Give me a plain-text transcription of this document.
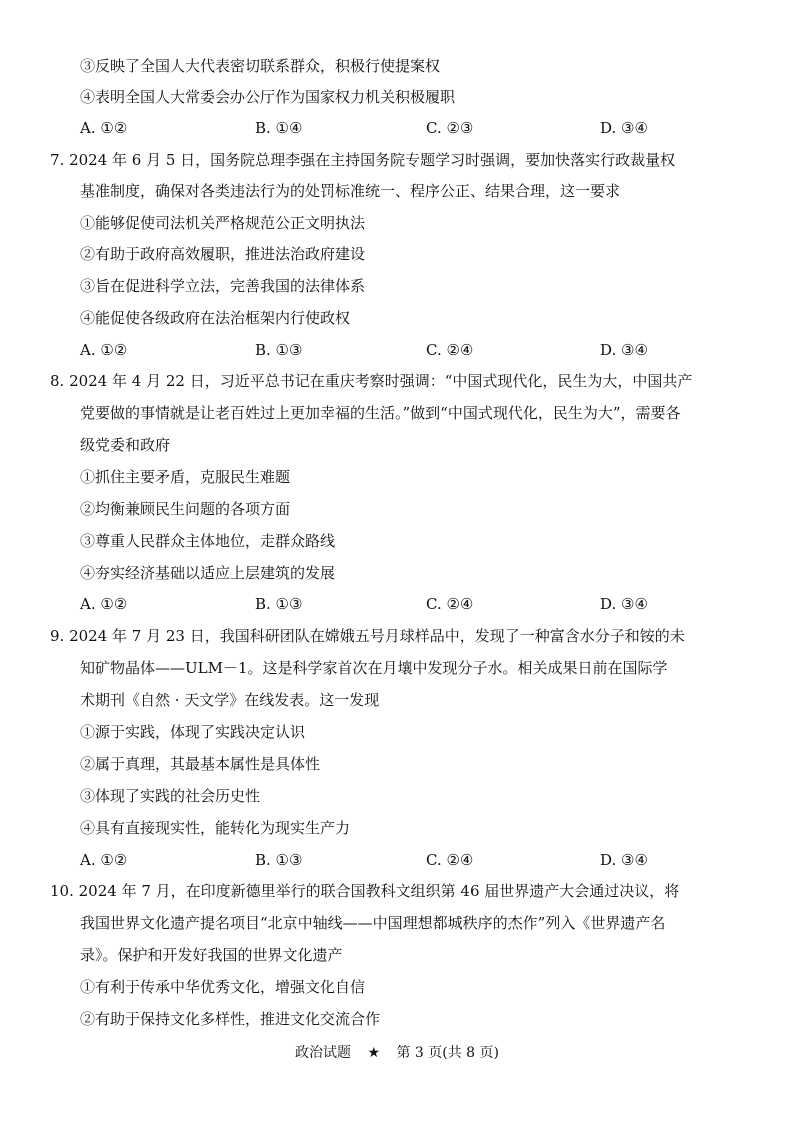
③反映了全国人大代表密切联系群众，积极行使提案权
④表明全国人大常委会办公厅作为国家权力机关积极履职
A. ①②	B. ①④	C. ②③	D. ③④
7. 2024 年 6 月 5 日，国务院总理李强在主持国务院专题学习时强调，要加快落实行政裁量权
基准制度，确保对各类违法行为的处罚标准统一、程序公正、结果合理，这一要求
①能够促使司法机关严格规范公正文明执法
②有助于政府高效履职，推进法治政府建设
③旨在促进科学立法，完善我国的法律体系
④能促使各级政府在法治框架内行使政权
A. ①②	B. ①③	C. ②④	D. ③④
8. 2024 年 4 月 22 日，习近平总书记在重庆考察时强调：“中国式现代化，民生为大，中国共产
党要做的事情就是让老百姓过上更加幸福的生活。”做到“中国式现代化，民生为大”，需要各
级党委和政府
①抓住主要矛盾，克服民生难题
②均衡兼顾民生问题的各项方面
③尊重人民群众主体地位，走群众路线
④夯实经济基础以适应上层建筑的发展
A. ①②	B. ①③	C. ②④	D. ③④
9. 2024 年 7 月 23 日，我国科研团队在嫦娥五号月球样品中，发现了一种富含水分子和铵的未
知矿物晶体——ULM－1。这是科学家首次在月壤中发现分子水。相关成果日前在国际学
术期刊《自然 · 天文学》在线发表。这一发现
①源于实践，体现了实践决定认识
②属于真理，其最基本属性是具体性
③体现了实践的社会历史性
④具有直接现实性，能转化为现实生产力
A. ①②	B. ①③	C. ②④	D. ③④
10. 2024 年 7 月，在印度新德里举行的联合国教科文组织第 46 届世界遗产大会通过决议，将
我国世界文化遗产提名项目“北京中轴线——中国理想都城秩序的杰作”列入《世界遗产名
录》。保护和开发好我国的世界文化遗产
①有利于传承中华优秀文化，增强文化自信
②有助于保持文化多样性，推进文化交流合作
政治试题 ★ 第 3 页(共 8 页)
